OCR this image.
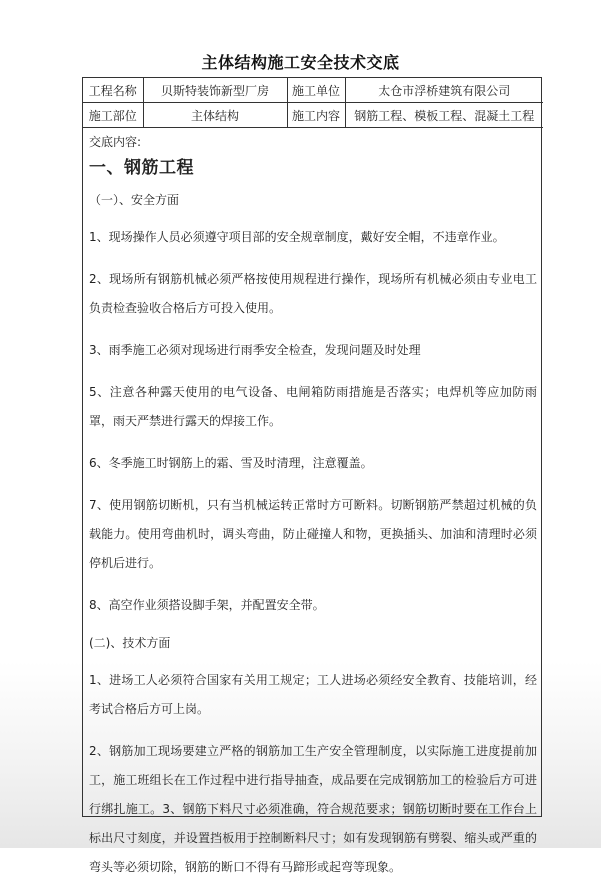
主体结构施工安全技术交底
工程名称	贝斯特装饰新型厂房	施工单位	太仓市浮桥建筑有限公司
施工部位	主体结构	施工内容	钢筋工程、模板工程、混凝土工程

交底内容:

一、钢筋工程
（一）、安全方面

1、现场操作人员必须遵守项目部的安全规章制度，戴好安全帽，不违章作业。

2、现场所有钢筋机械必须严格按使用规程进行操作，现场所有机械必须由专业电工负责检查验收合格后方可投入使用。

3、雨季施工必须对现场进行雨季安全检查，发现问题及时处理

5、注意各种露天使用的电气设备、电闸箱防雨措施是否落实；电焊机等应加防雨罩，雨天严禁进行露天的焊接工作。

6、冬季施工时钢筋上的霜、雪及时清理，注意覆盖。

7、使用钢筋切断机，只有当机械运转正常时方可断料。切断钢筋严禁超过机械的负载能力。使用弯曲机时，调头弯曲，防止碰撞人和物，更换插头、加油和清理时必须停机后进行。

8、高空作业须搭设脚手架，并配置安全带。

(二)、技术方面

1、进场工人必须符合国家有关用工规定；工人进场必须经安全教育、技能培训，经考试合格后方可上岗。

2、钢筋加工现场要建立严格的钢筋加工生产安全管理制度，以实际施工进度提前加工，施工班组长在工作过程中进行指导抽查，成品要在完成钢筋加工的检验后方可进行绑扎施工。3、钢筋下料尺寸必须准确，符合规范要求；钢筋切断时要在工作台上标出尺寸刻度，并设置挡板用于控制断料尺寸；如有发现钢筋有劈裂、缩头或严重的弯头等必须切除，钢筋的断口不得有马蹄形或起弯等现象。
